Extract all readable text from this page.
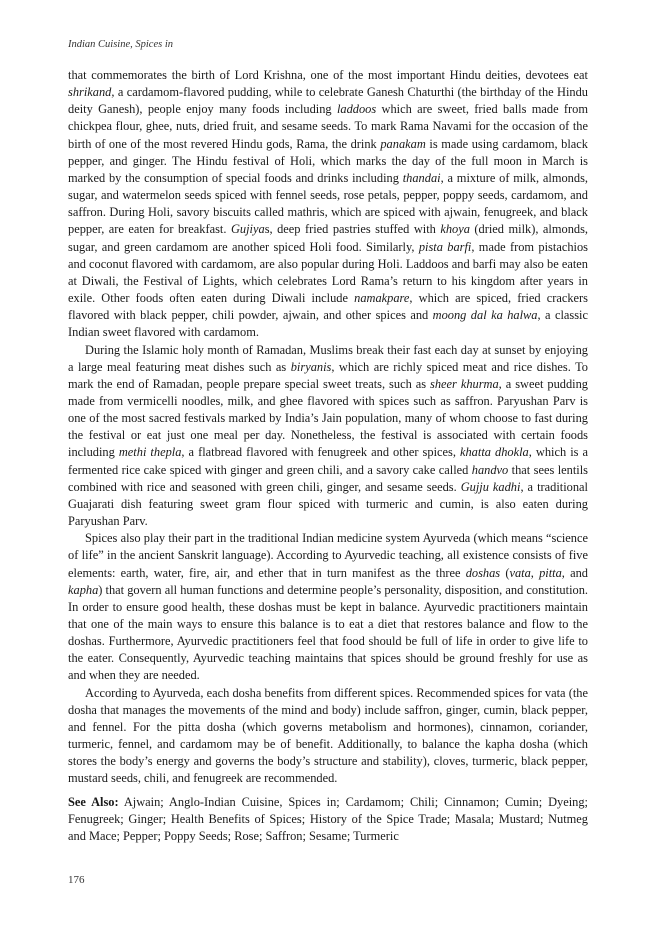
Indian Cuisine, Spices in

that commemorates the birth of Lord Krishna, one of the most important Hindu deities, devotees eat shrikand, a cardamom-flavored pudding, while to celebrate Ganesh Chaturthi (the birthday of the Hindu deity Ganesh), people enjoy many foods including laddoos which are sweet, fried balls made from chickpea flour, ghee, nuts, dried fruit, and sesame seeds. To mark Rama Navami for the occasion of the birth of one of the most revered Hindu gods, Rama, the drink panakam is made using cardamom, black pepper, and ginger. The Hindu festival of Holi, which marks the day of the full moon in March is marked by the consumption of special foods and drinks including thandai, a mixture of milk, almonds, sugar, and watermelon seeds spiced with fennel seeds, rose petals, pepper, poppy seeds, cardamom, and saffron. During Holi, savory biscuits called mathris, which are spiced with ajwain, fenugreek, and black pepper, are eaten for breakfast. Gujiyas, deep fried pastries stuffed with khoya (dried milk), almonds, sugar, and green cardamom are another spiced Holi food. Similarly, pista barfi, made from pistachios and coconut flavored with cardamom, are also popular during Holi. Laddoos and barfi may also be eaten at Diwali, the Festival of Lights, which celebrates Lord Rama’s return to his kingdom after years in exile. Other foods often eaten during Diwali include namakpare, which are spiced, fried crackers flavored with black pepper, chili powder, ajwain, and other spices and moong dal ka halwa, a classic Indian sweet flavored with cardamom.

During the Islamic holy month of Ramadan, Muslims break their fast each day at sunset by enjoying a large meal featuring meat dishes such as biryanis, which are richly spiced meat and rice dishes. To mark the end of Ramadan, people prepare special sweet treats, such as sheer khurma, a sweet pudding made from vermicelli noodles, milk, and ghee flavored with spices such as saffron. Paryushan Parv is one of the most sacred festivals marked by India’s Jain population, many of whom choose to fast during the festival or eat just one meal per day. Nonetheless, the festival is associated with certain foods including methi thepla, a flatbread flavored with fenugreek and other spices, khatta dhokla, which is a fermented rice cake spiced with ginger and green chili, and a savory cake called handvo that sees lentils combined with rice and seasoned with green chili, ginger, and sesame seeds. Gujju kadhi, a traditional Guajarati dish featuring sweet gram flour spiced with turmeric and cumin, is also eaten during Paryushan Parv.

Spices also play their part in the traditional Indian medicine system Ayurveda (which means “science of life” in the ancient Sanskrit language). According to Ayurvedic teaching, all existence consists of five elements: earth, water, fire, air, and ether that in turn manifest as the three doshas (vata, pitta, and kapha) that govern all human functions and determine people’s personality, disposition, and constitution. In order to ensure good health, these doshas must be kept in balance. Ayurvedic practitioners maintain that one of the main ways to ensure this balance is to eat a diet that restores balance and flow to the doshas. Furthermore, Ayurvedic practitioners feel that food should be full of life in order to give life to the eater. Consequently, Ayurvedic teaching maintains that spices should be ground freshly for use as and when they are needed.

According to Ayurveda, each dosha benefits from different spices. Recommended spices for vata (the dosha that manages the movements of the mind and body) include saffron, ginger, cumin, black pepper, and fennel. For the pitta dosha (which governs metabolism and hormones), cinnamon, coriander, turmeric, fennel, and cardamom may be of benefit. Additionally, to balance the kapha dosha (which stores the body’s energy and governs the body’s structure and stability), cloves, turmeric, black pepper, mustard seeds, chili, and fenugreek are recommended.

See Also: Ajwain; Anglo-Indian Cuisine, Spices in; Cardamom; Chili; Cinnamon; Cumin; Dyeing; Fenugreek; Ginger; Health Benefits of Spices; History of the Spice Trade; Masala; Mustard; Nutmeg and Mace; Pepper; Poppy Seeds; Rose; Saffron; Sesame; Turmeric

176
